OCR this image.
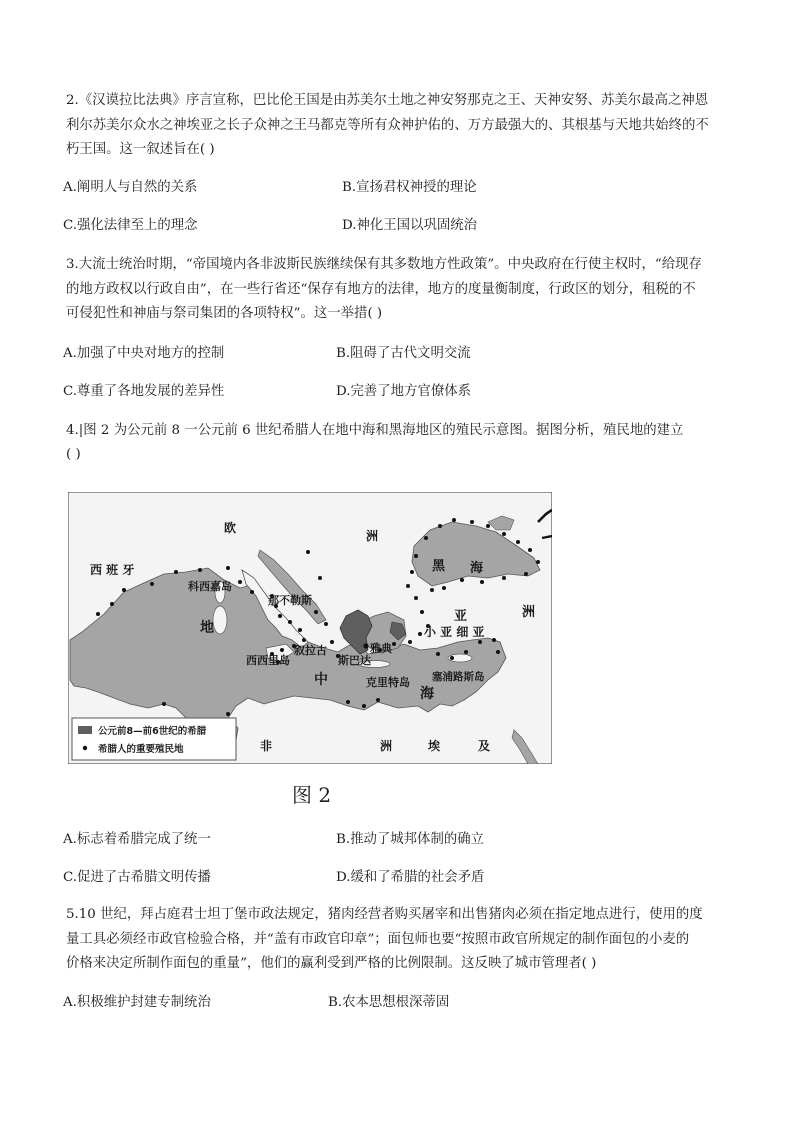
2.《汉谟拉比法典》序言宣称，巴比伦王国是由苏美尔土地之神安努那克之王、天神安努、苏美尔最高之神恩
利尔苏美尔众水之神埃亚之长子众神之王马都克等所有众神护佑的、万方最强大的、其根基与天地共始终的不
朽王国。这一叙述旨在( )
A.阐明人与自然的关系	B.宣扬君权神授的理论
C.强化法律至上的理念	D.神化王国以巩固统治
3.大流士统治时期，“帝国境内各非波斯民族继续保有其多数地方性政策”。中央政府在行使主权时，“给现存
的地方政权以行政自由”，在一些行省还“保存有地方的法律，地方的度量衡制度，行政区的划分，租税的不
可侵犯性和神庙与祭司集团的各项特权”。这一举措( )
A.加强了中央对地方的控制	B.阻碍了古代文明交流
C.尊重了各地发展的差异性	D.完善了地方官僚体系
4.|图 2 为公元前 8 一公元前 6 世纪希腊人在地中海和黑海地区的殖民示意图。据图分析，殖民地的建立
( )
欧
洲
西 班 牙
科西嘉岛
那不勒斯
黑 海
亚	洲
小 亚 细 亚
地
中
海
西西里岛
叙拉古
斯巴达
雅典
克里特岛 塞浦路斯岛
非	洲	埃	及
公元前8—前6世纪的希腊
希腊人的重要殖民地
图 2
A.标志着希腊完成了统一	B.推动了城邦体制的确立
C.促进了古希腊文明传播	D.缓和了希腊的社会矛盾
5.10 世纪，拜占庭君士坦丁堡市政法规定，猪肉经营者购买屠宰和出售猪肉必须在指定地点进行，使用的度
量工具必须经市政官检验合格，并“盖有市政官印章”；面包师也要“按照市政官所规定的制作面包的小麦的
价格来决定所制作面包的重量”，他们的赢利受到严格的比例限制。这反映了城市管理者( )
A.积极维护封建专制统治	B.农本思想根深蒂固
